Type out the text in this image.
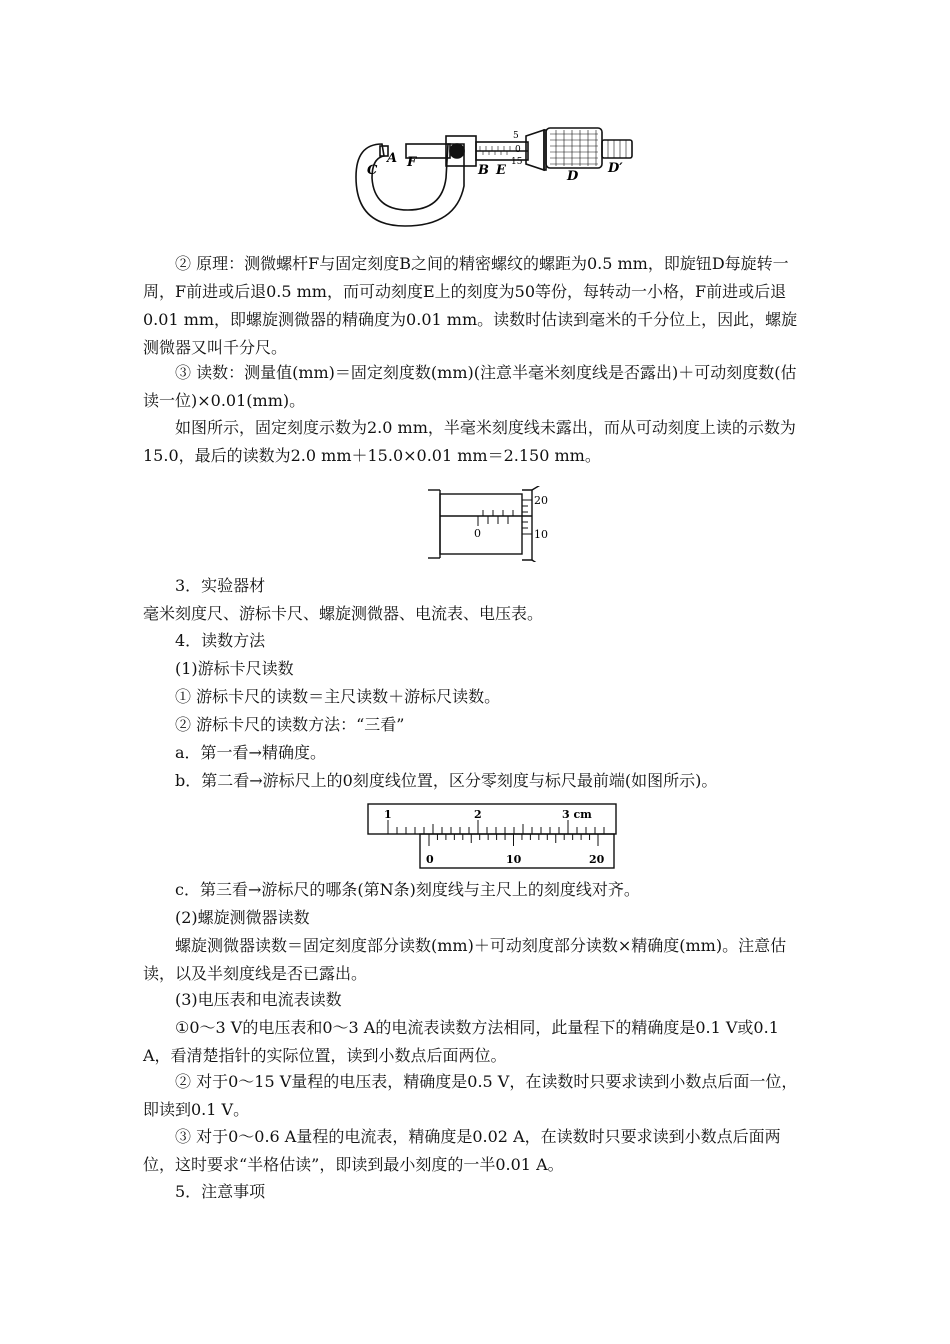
5
0
15
C
A F
B E	D
D′

② 原理：测微螺杆F与固定刻度B之间的精密螺纹的螺距为0.5 mm，即旋钮D每旋转一周，F前进或后退0.5 mm，而可动刻度E上的刻度为50等份，每转动一小格，F前进或后退0.01 mm，即螺旋测微器的精确度为0.01 mm。读数时估读到毫米的千分位上，因此，螺旋测微器又叫千分尺。

③ 读数：测量值(mm)＝固定刻度数(mm)(注意半毫米刻度线是否露出)＋可动刻度数(估读一位)×0.01(mm)。

如图所示，固定刻度示数为2.0 mm，半毫米刻度线未露出，而从可动刻度上读的示数为15.0，最后的读数为2.0 mm＋15.0×0.01 mm＝2.150 mm。

0
20
10

3．实验器材

毫米刻度尺、游标卡尺、螺旋测微器、电流表、电压表。

4．读数方法

(1)游标卡尺读数

① 游标卡尺的读数＝主尺读数＋游标尺读数。

② 游标卡尺的读数方法：“三看”

a．第一看→精确度。

b．第二看→游标尺上的0刻度线位置，区分零刻度与标尺最前端(如图所示)。

1	2	3 cm
0	10	20

c．第三看→游标尺的哪条(第N条)刻度线与主尺上的刻度线对齐。

(2)螺旋测微器读数

螺旋测微器读数＝固定刻度部分读数(mm)＋可动刻度部分读数×精确度(mm)。注意估读，以及半刻度线是否已露出。

(3)电压表和电流表读数

①0～3 V的电压表和0～3 A的电流表读数方法相同，此量程下的精确度是0.1 V或0.1 A，看清楚指针的实际位置，读到小数点后面两位。

② 对于0～15 V量程的电压表，精确度是0.5 V，在读数时只要求读到小数点后面一位，即读到0.1 V。

③ 对于0～0.6 A量程的电流表，精确度是0.02 A，在读数时只要求读到小数点后面两位，这时要求“半格估读”，即读到最小刻度的一半0.01 A。

5．注意事项
